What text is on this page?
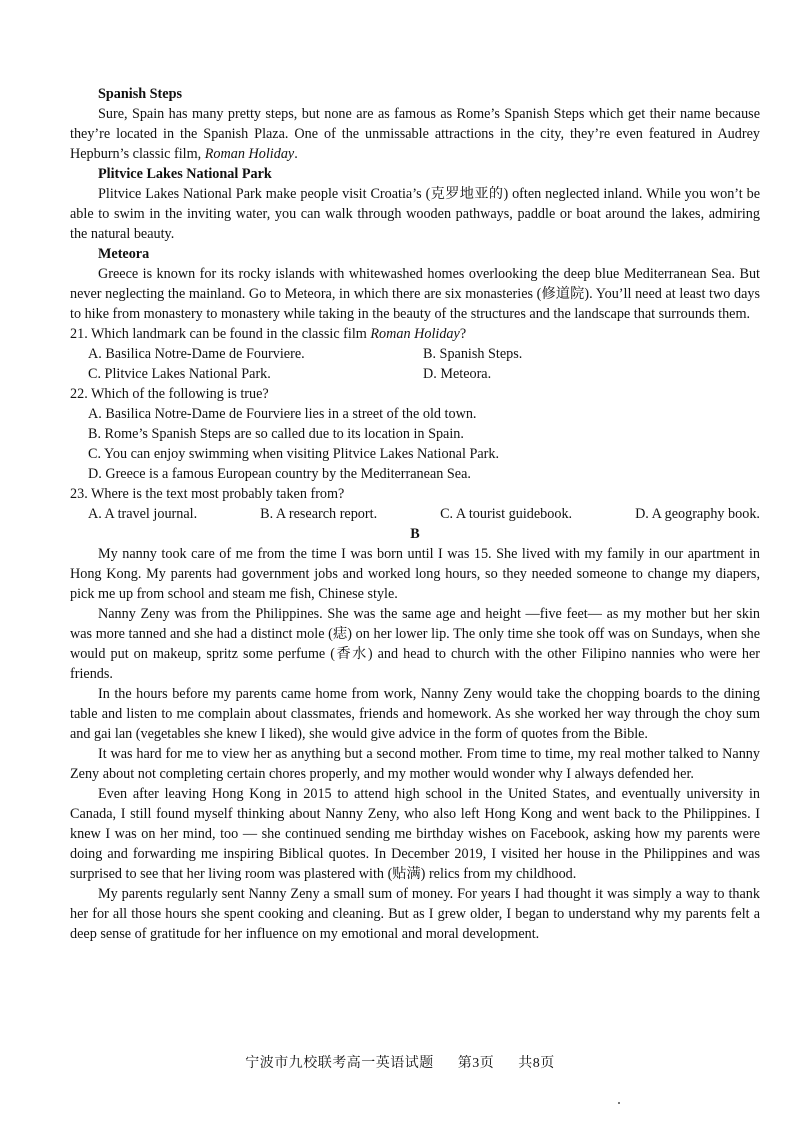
Spanish Steps

Sure, Spain has many pretty steps, but none are as famous as Rome’s Spanish Steps which get their name because they’re located in the Spanish Plaza. One of the unmissable attractions in the city, they’re even featured in Audrey Hepburn’s classic film, Roman Holiday.

Plitvice Lakes National Park

Plitvice Lakes National Park make people visit Croatia’s (克罗地亚的) often neglected inland. While you won’t be able to swim in the inviting water, you can walk through wooden pathways, paddle or boat around the lakes, admiring the natural beauty.

Meteora

Greece is known for its rocky islands with whitewashed homes overlooking the deep blue Mediterranean Sea. But never neglecting the mainland. Go to Meteora, in which there are six monasteries (修道院). You’ll need at least two days to hike from monastery to monastery while taking in the beauty of the structures and the landscape that surrounds them.

21. Which landmark can be found in the classic film Roman Holiday?

A. Basilica Notre-Dame de Fourviere.	B. Spanish Steps.
C. Plitvice Lakes National Park.	D. Meteora.

22. Which of the following is true?

A. Basilica Notre-Dame de Fourviere lies in a street of the old town.
B. Rome’s Spanish Steps are so called due to its location in Spain.
C. You can enjoy swimming when visiting Plitvice Lakes National Park.
D. Greece is a famous European country by the Mediterranean Sea.

23. Where is the text most probably taken from?

A. A travel journal.	B. A research report.	C. A tourist guidebook.	D. A geography book.

B

My nanny took care of me from the time I was born until I was 15. She lived with my family in our apartment in Hong Kong. My parents had government jobs and worked long hours, so they needed someone to change my diapers, pick me up from school and steam me fish, Chinese style.

Nanny Zeny was from the Philippines. She was the same age and height —five feet— as my mother but her skin was more tanned and she had a distinct mole (痣) on her lower lip. The only time she took off was on Sundays, when she would put on makeup, spritz some perfume (香水) and head to church with the other Filipino nannies who were her friends.

In the hours before my parents came home from work, Nanny Zeny would take the chopping boards to the dining table and listen to me complain about classmates, friends and homework. As she worked her way through the choy sum and gai lan (vegetables she knew I liked), she would give advice in the form of quotes from the Bible.

It was hard for me to view her as anything but a second mother. From time to time, my real mother talked to Nanny Zeny about not completing certain chores properly, and my mother would wonder why I always defended her.

Even after leaving Hong Kong in 2015 to attend high school in the United States, and eventually university in Canada, I still found myself thinking about Nanny Zeny, who also left Hong Kong and went back to the Philippines. I knew I was on her mind, too — she continued sending me birthday wishes on Facebook, asking how my parents were doing and forwarding me inspiring Biblical quotes. In December 2019, I visited her house in the Philippines and was surprised to see that her living room was plastered with (贴满) relics from my childhood.

My parents regularly sent Nanny Zeny a small sum of money. For years I had thought it was simply a way to thank her for all those hours she spent cooking and cleaning. But as I grew older, I began to understand why my parents felt a deep sense of gratitude for her influence on my emotional and moral development.

宁波市九校联考高一英语试题 第3页 共8页
